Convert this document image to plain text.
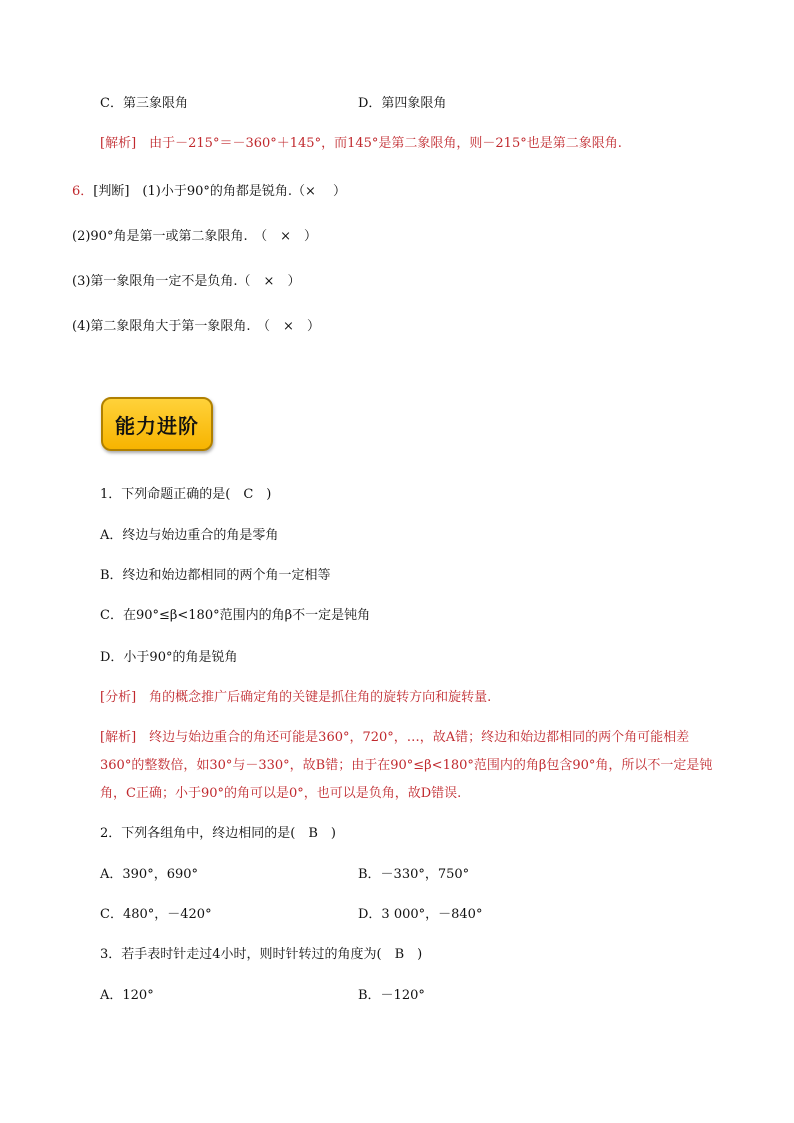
C．第三象限角	D．第四象限角
[解析]　由于－215°＝－360°＋145°，而145°是第二象限角，则－215°也是第二象限角.
6．[判断]　(1)小于90°的角都是锐角.（×　 ）
(2)90°角是第一或第二象限角.　（　×　）
(3)第一象限角一定不是负角.（　×　）
(4)第二象限角大于第一象限角.　（　×　）
能力进阶
1．下列命题正确的是(　C　)
A．终边与始边重合的角是零角
B．终边和始边都相同的两个角一定相等
C．在90°≤β<180°范围内的角β不一定是钝角
D．小于90°的角是锐角
[分析]　角的概念推广后确定角的关键是抓住角的旋转方向和旋转量.
[解析]　 终边与始边重合的角还可能是360°，720°，…，故A错；终边和始边都相同的两个角可能相差360°的整数倍，如30°与－330°，故B错；由于在90°≤β<180°范围内的角β包含90°角，所以不一定是钝角，C正确；小于90°的角可以是0°，也可以是负角，故D错误.
2．下列各组角中，终边相同的是(　B　)
A．390°，690°	B．－330°，750°
C．480°，－420°	D．3 000°，－840°
3．若手表时针走过4小时，则时针转过的角度为(　B　)
A．120°	B．－120°
